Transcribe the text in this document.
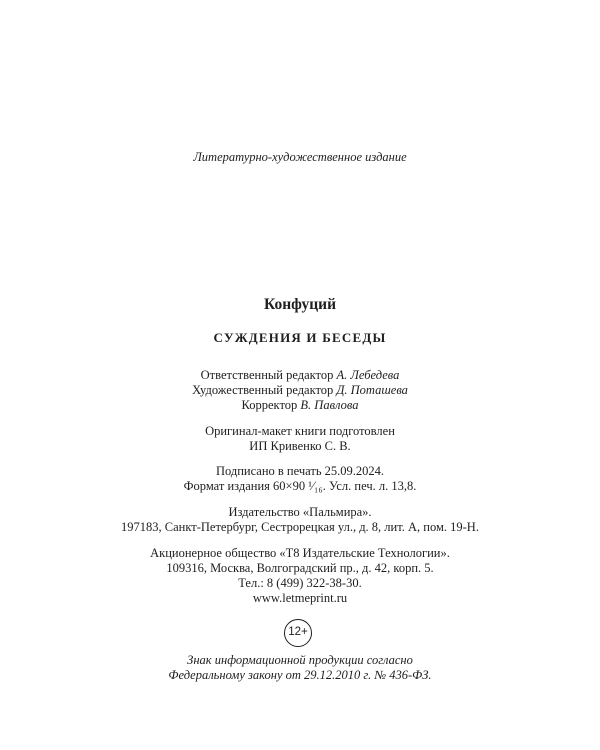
Литературно-художественное издание
Конфуций
СУЖДЕНИЯ И БЕСЕДЫ
Ответственный редактор А. Лебедева
Художественный редактор Д. Поташева
Корректор В. Павлова
Оригинал-макет книги подготовлен
ИП Кривенко С. В.
Подписано в печать 25.09.2024.
Формат издания 60×90 ¹⁄₁₆. Усл. печ. л. 13,8.
Издательство «Пальмира».
197183, Санкт-Петербург, Сестрорецкая ул., д. 8, лит. А, пом. 19-Н.
Акционерное общество «Т8 Издательские Технологии».
109316, Москва, Волгоградский пр., д. 42, корп. 5.
Тел.: 8 (499) 322-38-30.
www.letmeprint.ru
12+
Знак информационной продукции согласно
Федеральному закону от 29.12.2010 г. № 436-ФЗ.
